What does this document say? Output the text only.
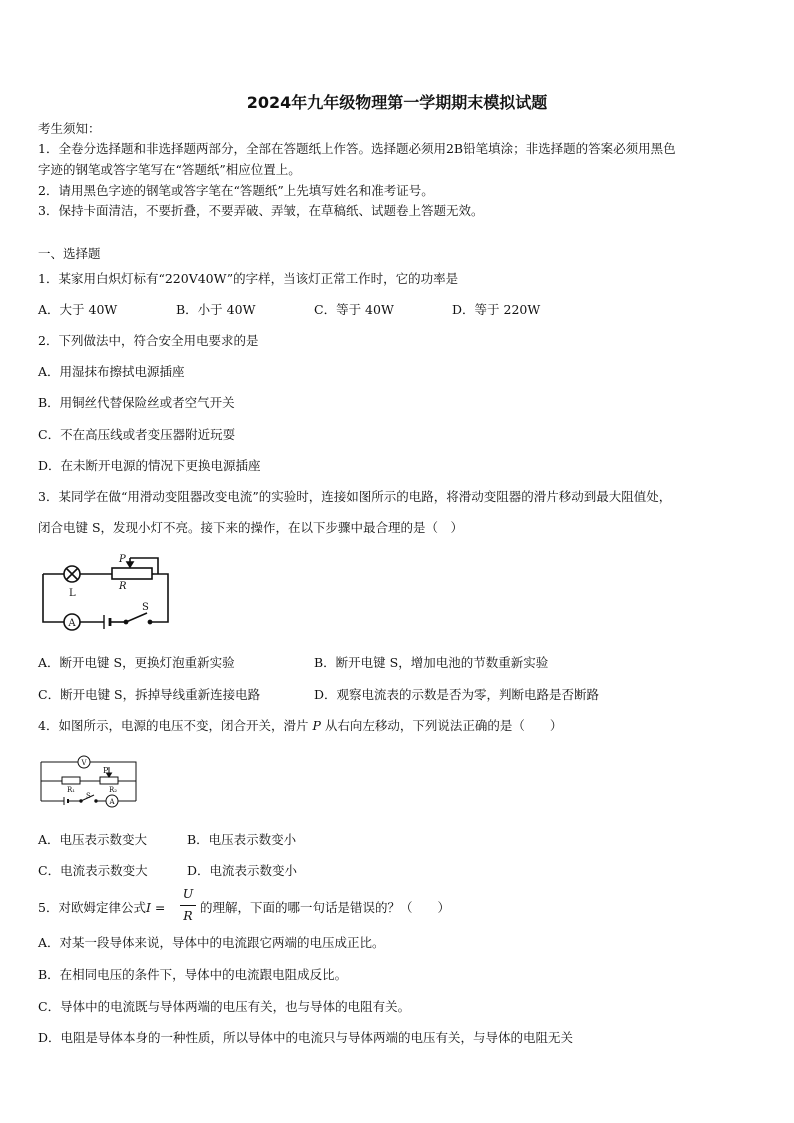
2024年九年级物理第一学期期末模拟试题
考生须知：
1．全卷分选择题和非选择题两部分，全部在答题纸上作答。选择题必须用2B铅笔填涂；非选择题的答案必须用黑色
字迹的钢笔或答字笔写在“答题纸”相应位置上。
2．请用黑色字迹的钢笔或答字笔在“答题纸”上先填写姓名和准考证号。
3．保持卡面清洁，不要折叠，不要弄破、弄皱，在草稿纸、试题卷上答题无效。
一、选择题
1．某家用白炽灯标有“220V40W”的字样，当该灯正常工作时，它的功率是
A．大于 40W	B．小于 40W	C．等于 40W	D．等于 220W
2．下列做法中，符合安全用电要求的是
A．用湿抹布擦拭电源插座
B．用铜丝代替保险丝或者空气开关
C．不在高压线或者变压器附近玩耍
D．在未断开电源的情况下更换电源插座
3．某同学在做“用滑动变阻器改变电流”的实验时，连接如图所示的电路，将滑动变阻器的滑片移动到最大阻值处，
闭合电键 S，发现小灯不亮。接下来的操作，在以下步骤中最合理的是（　）
A
P
R
L
S
A．断开电键 S，更换灯泡重新实验	B．断开电键 S，增加电池的节数重新实验
C．断开电键 S，拆掉导线重新连接电路	D．观察电流表的示数是否为零，判断电路是否断路
4．如图所示，电源的电压不变，闭合开关，滑片 P 从右向左移动，下列说法正确的是（　　）
V
A
P
R₁	R₂
S
A．电压表示数变大	B．电压表示数变小
C．电流表示数变大	D．电流表示数变小
5．对欧姆定律公式 I =
U
R
的理解，下面的哪一句话是错误的？（　　）
A．对某一段导体来说，导体中的电流跟它两端的电压成正比。
B．在相同电压的条件下，导体中的电流跟电阻成反比。
C．导体中的电流既与导体两端的电压有关，也与导体的电阻有关。
D．电阻是导体本身的一种性质，所以导体中的电流只与导体两端的电压有关，与导体的电阻无关
